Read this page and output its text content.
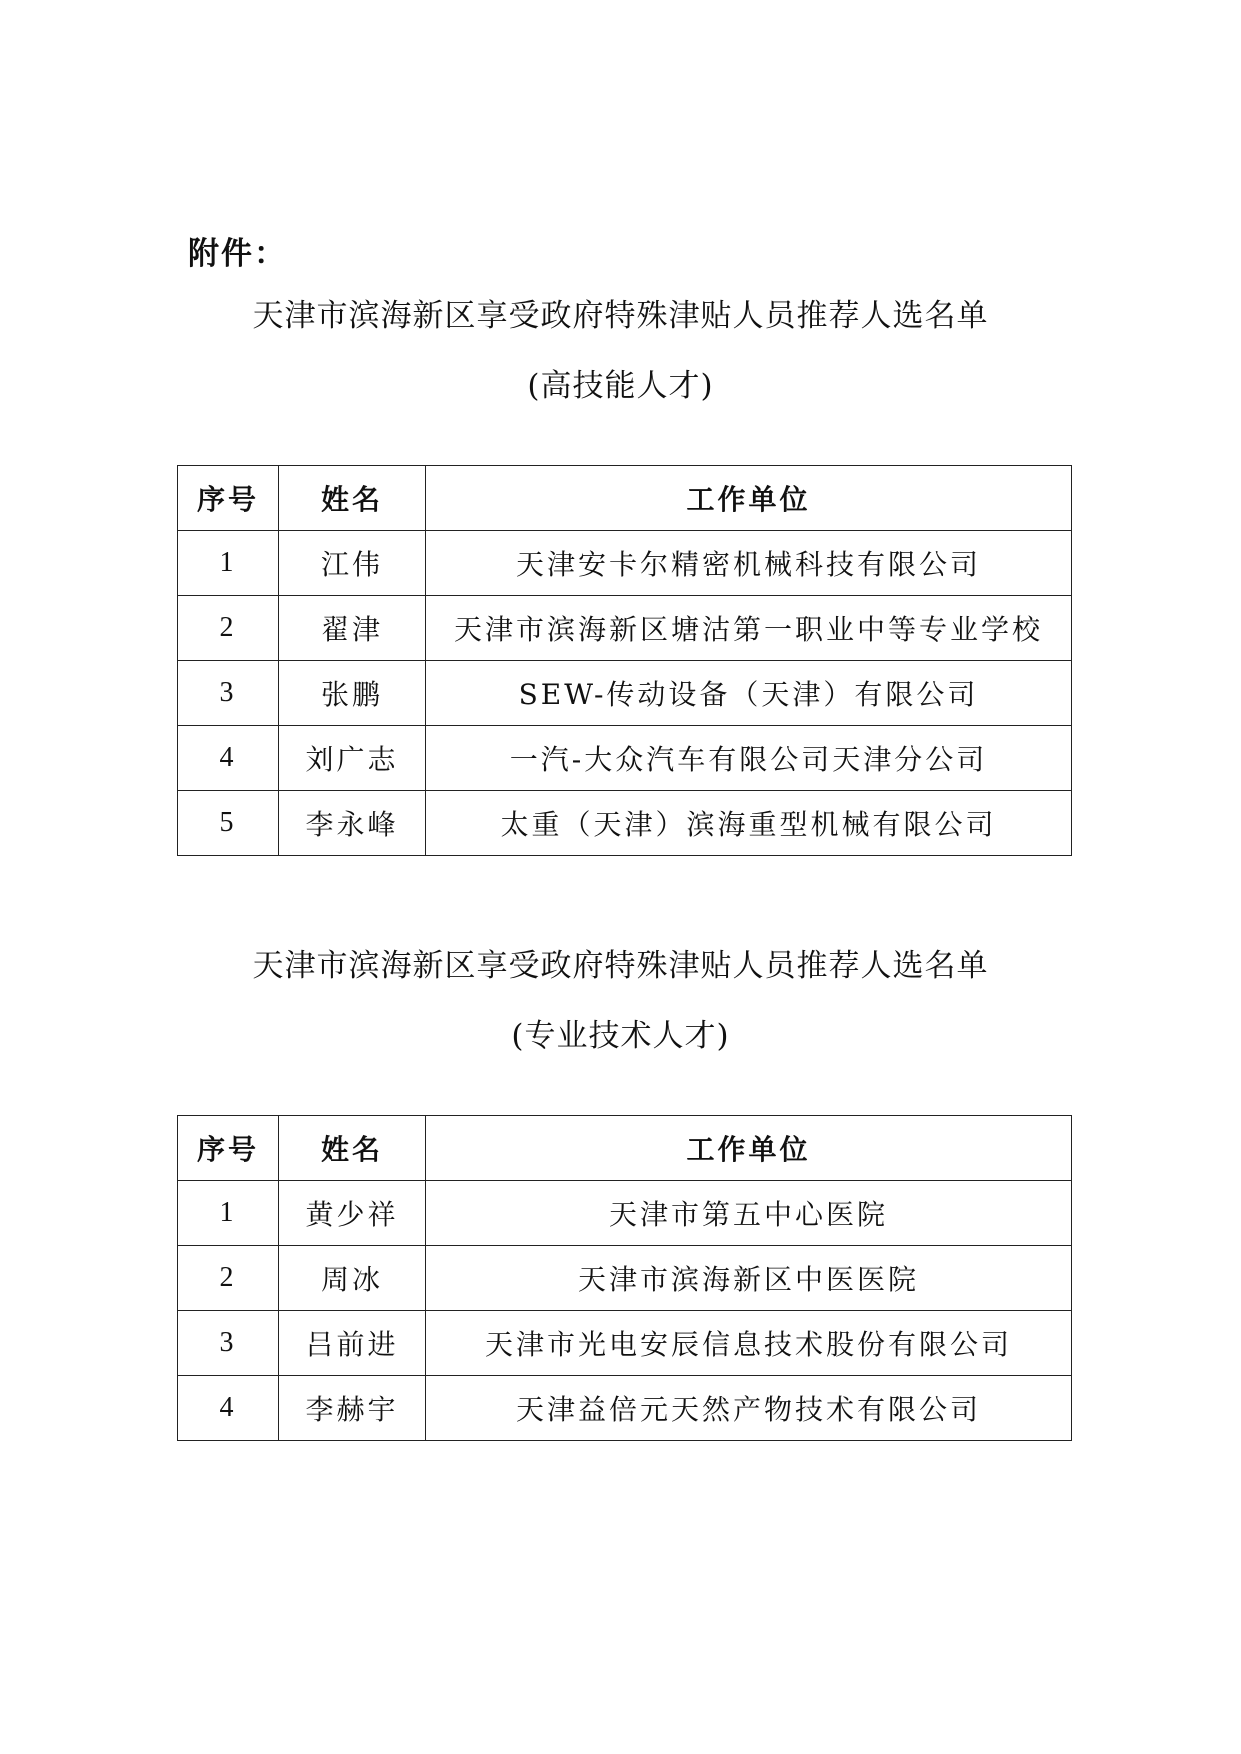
附件：
天津市滨海新区享受政府特殊津贴人员推荐人选名单
(高技能人才)
序号	姓名	工作单位
1	江伟	天津安卡尔精密机械科技有限公司
2	翟津	天津市滨海新区塘沽第一职业中等专业学校
3	张鹏	SEW-传动设备（天津）有限公司
4	刘广志	一汽-大众汽车有限公司天津分公司
5	李永峰	太重（天津）滨海重型机械有限公司
天津市滨海新区享受政府特殊津贴人员推荐人选名单
(专业技术人才)
序号	姓名	工作单位
1	黄少祥	天津市第五中心医院
2	周冰	天津市滨海新区中医医院
3	吕前进	天津市光电安辰信息技术股份有限公司
4	李赫宇	天津益倍元天然产物技术有限公司
